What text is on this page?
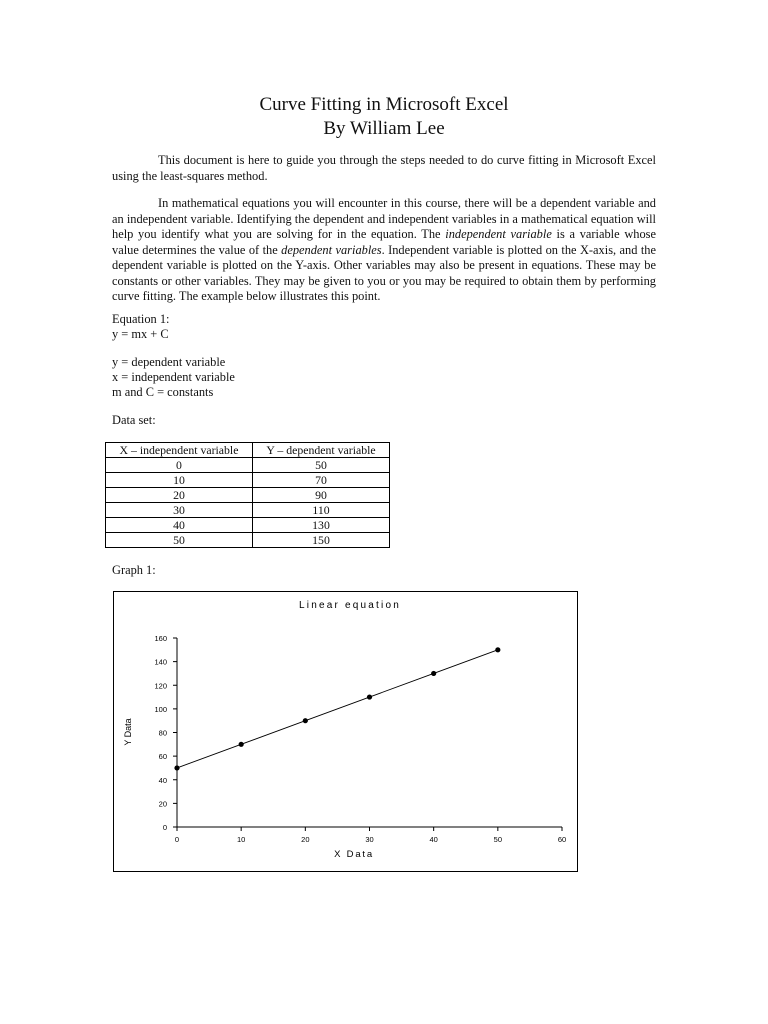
Curve Fitting in Microsoft Excel
By William Lee
This document is here to guide you through the steps needed to do curve fitting in Microsoft Excel using the least-squares method.
In mathematical equations you will encounter in this course, there will be a dependent variable and an independent variable. Identifying the dependent and independent variables in a mathematical equation will help you identify what you are solving for in the equation. The independent variable is a variable whose value determines the value of the dependent variables. Independent variable is plotted on the X-axis, and the dependent variable is plotted on the Y-axis. Other variables may also be present in equations. These may be constants or other variables. They may be given to you or you may be required to obtain them by performing curve fitting. The example below illustrates this point.
Equation 1:
y = mx + C
y = dependent variable
x = independent variable
m and C = constants
Data set:
X – independent variable	Y – dependent variable
0	50
10	70
20	90
30	110
40	130
50	150
Graph 1:
Linear equation
X Data
Y Data
0
20
40
60
80
100
120
140
160
0	10	20	30	40	50	60
